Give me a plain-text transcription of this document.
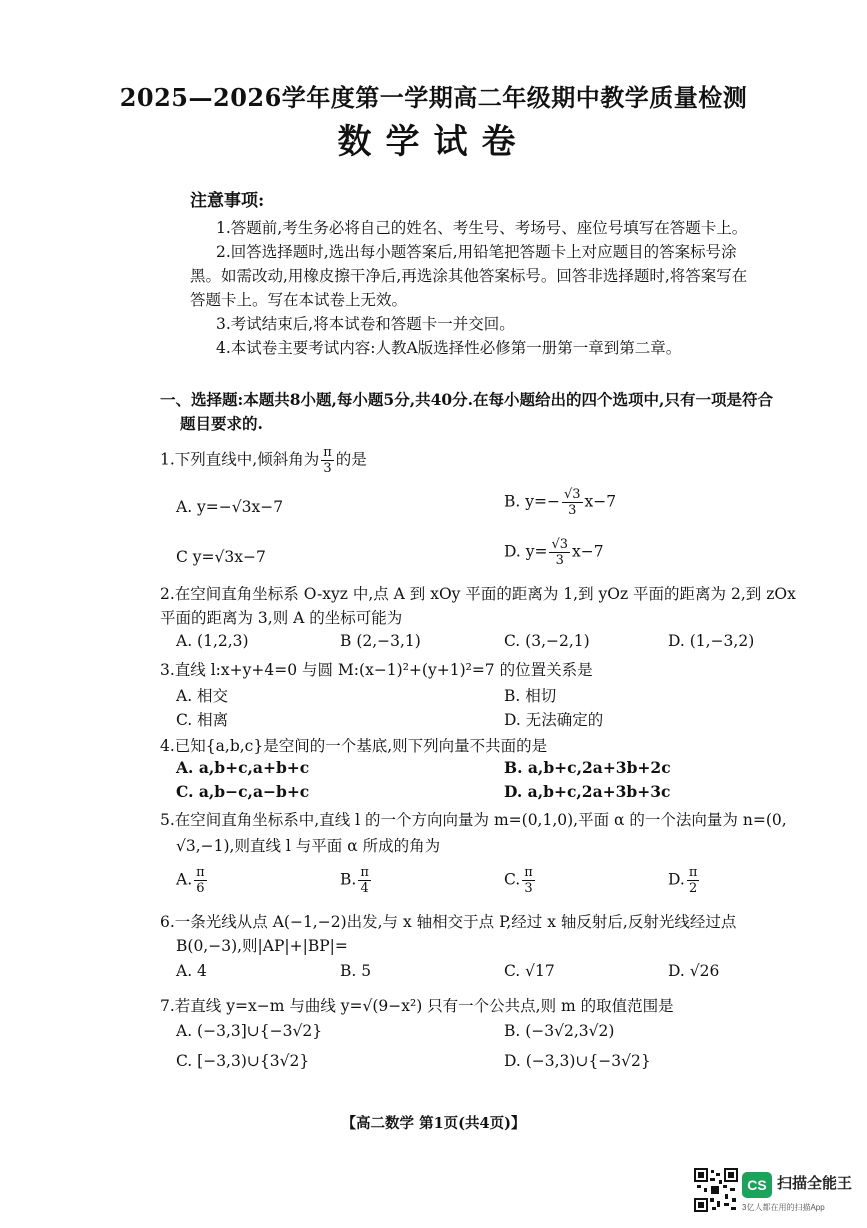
2025—2026学年度第一学期高二年级期中教学质量检测
数学试卷
注意事项:
1.答题前,考生务必将自己的姓名、考生号、考场号、座位号填写在答题卡上。
2.回答选择题时,选出每小题答案后,用铅笔把答题卡上对应题目的答案标号涂
黑。如需改动,用橡皮擦干净后,再选涂其他答案标号。回答非选择题时,将答案写在
答题卡上。写在本试卷上无效。
3.考试结束后,将本试卷和答题卡一并交回。
4.本试卷主要考试内容:人教A版选择性必修第一册第一章到第二章。
一、选择题:本题共8小题,每小题5分,共40分.在每小题给出的四个选项中,只有一项是符合
题目要求的.
1.下列直线中,倾斜角为 $\frac{\pi}{3}$ 的是
A. y=−√3x−7	B. $y=- \frac{√3}{3} x-7$
C y=√3x−7	D. $y= \frac{√3}{3} x-7$
2.在空间直角坐标系 O-xyz 中,点 A 到 xOy 平面的距离为 1,到 yOz 平面的距离为 2,到 zOx
平面的距离为 3,则 A 的坐标可能为
A. (1,2,3)	B (2,−3,1)	C. (3,−2,1)	D. (1,−3,2)
3.直线 l:x+y+4=0 与圆 M:(x−1)²+(y+1)²=7 的位置关系是
A. 相交	B. 相切
C. 相离	D. 无法确定的
4.已知{a,b,c}是空间的一个基底,则下列向量不共面的是
A. a,b+c,a+b+c	B. a,b+c,2a+3b+2c
C. a,b−c,a−b+c	D. a,b+c,2a+3b+3c
5.在空间直角坐标系中,直线 l 的一个方向向量为 m=(0,1,0),平面 α 的一个法向量为 n=(0,
√3,−1),则直线 l 与平面 α 所成的角为
A. $\frac{\pi}{6}$	B. $\frac{\pi}{4}$	C. $\frac{\pi}{3}$	D. $\frac{\pi}{2}$
6.一条光线从点 A(−1,−2)出发,与 x 轴相交于点 P,经过 x 轴反射后,反射光线经过点
B(0,−3),则|AP|+|BP|=
A. 4	B. 5	C. √17	D. √26
7.若直线 y=x−m 与曲线 y=√(9−x²) 只有一个公共点,则 m 的取值范围是
A. (−3,3]∪{−3√2}	B. (−3√2,3√2)
C. [−3,3)∪{3√2}	D. (−3,3)∪{−3√2}
【高二数学 第1页(共4页)】
CS 扫描全能王
3亿人都在用的扫描App
